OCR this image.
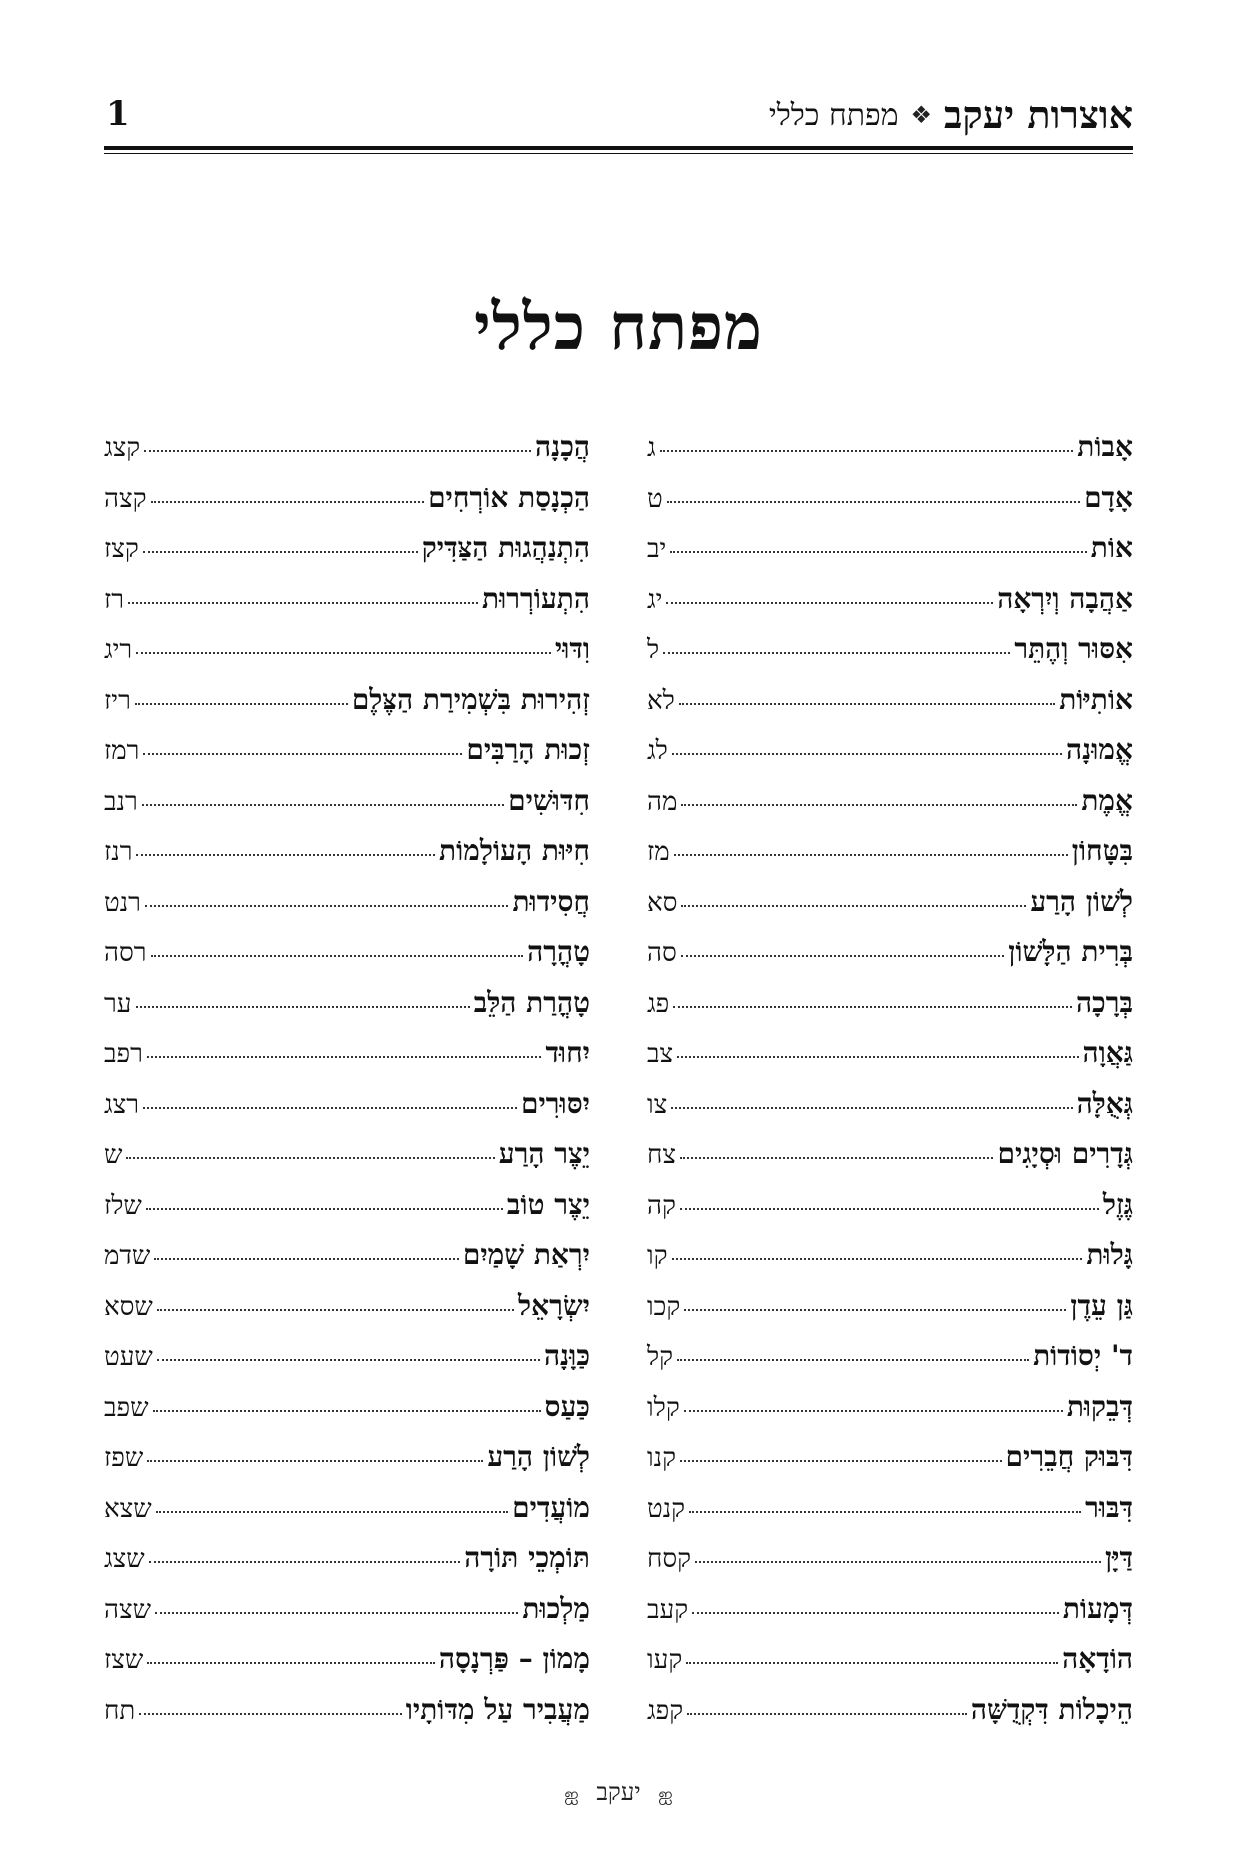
1	אוצרות יעקב
❖
מפתח כללי
מפתח כללי
אָבוֹת
ג
אָדָם
ט
אוֹת
יב
אַהֲבָה וְיִרְאָה
יג
אִסּוּר וְהֶתֵּר
ל
אוֹתִיּוֹת
לא
אֱמוּנָה
לג
אֱמֶת
מה
בִּטָּחוֹן
מז
לְשׁוֹן הָרַע
סא
בְּרִית הַלָּשׁוֹן
סה
בְּרָכָה
פג
גַּאֲוָה
צב
גְּאֻלָּה
צו
גְּדָרִים וּסְיָגִים
צח
גֶּזֶל
קה
גָּלוּת
קו
גַּן עֵדֶן
קכו
ד' יְסוֹדוֹת
קל
דְּבֵקוּת
קלו
דִּבּוּק חֲבֵרִים
קנו
דִּבּוּר
קנט
דַּיָּן
קסח
דְּמָעוֹת
קעב
הוֹדָאָה
קעו
הֵיכָלוֹת דִּקְדֻשָּׁה
קפג
הֲכָנָה
קצג
הַכְנָסַת אוֹרְחִים
קצה
הִתְנַהֲגוּת הַצַּדִּיק
קצז
הִתְעוֹרְרוּת
רז
וִדּוּי
ריג
זְהִירוּת בִּשְׁמִירַת הַצֶּלֶם
ריז
זְכוּת הָרַבִּים
רמז
חִדּוּשִׁים
רנב
חִיּוּת הָעוֹלָמוֹת
רנז
חֲסִידוּת
רנט
טָהֳרָה
רסה
טָהֳרַת הַלֵּב
ער
יִחוּד
רפב
יִסּוּרִים
רצג
יֵצֶר הָרַע
ש
יֵצֶר טוֹב
שלז
יִרְאַת שָׁמַיִם
שדמ
יִשְׂרָאֵל
שסא
כַּוָּנָה
שעט
כַּעַס
שפב
לְשׁוֹן הָרַע
שפז
מוֹעֲדִים
שצא
תּוֹמְכֵי תּוֹרָה
שצג
מַלְכוּת
שצה
מָמוֹן – פַּרְנָסָה
שצז
מַעֲבִיר עַל מִדּוֹתָיו
תח
ஐ יעקב ஐ
